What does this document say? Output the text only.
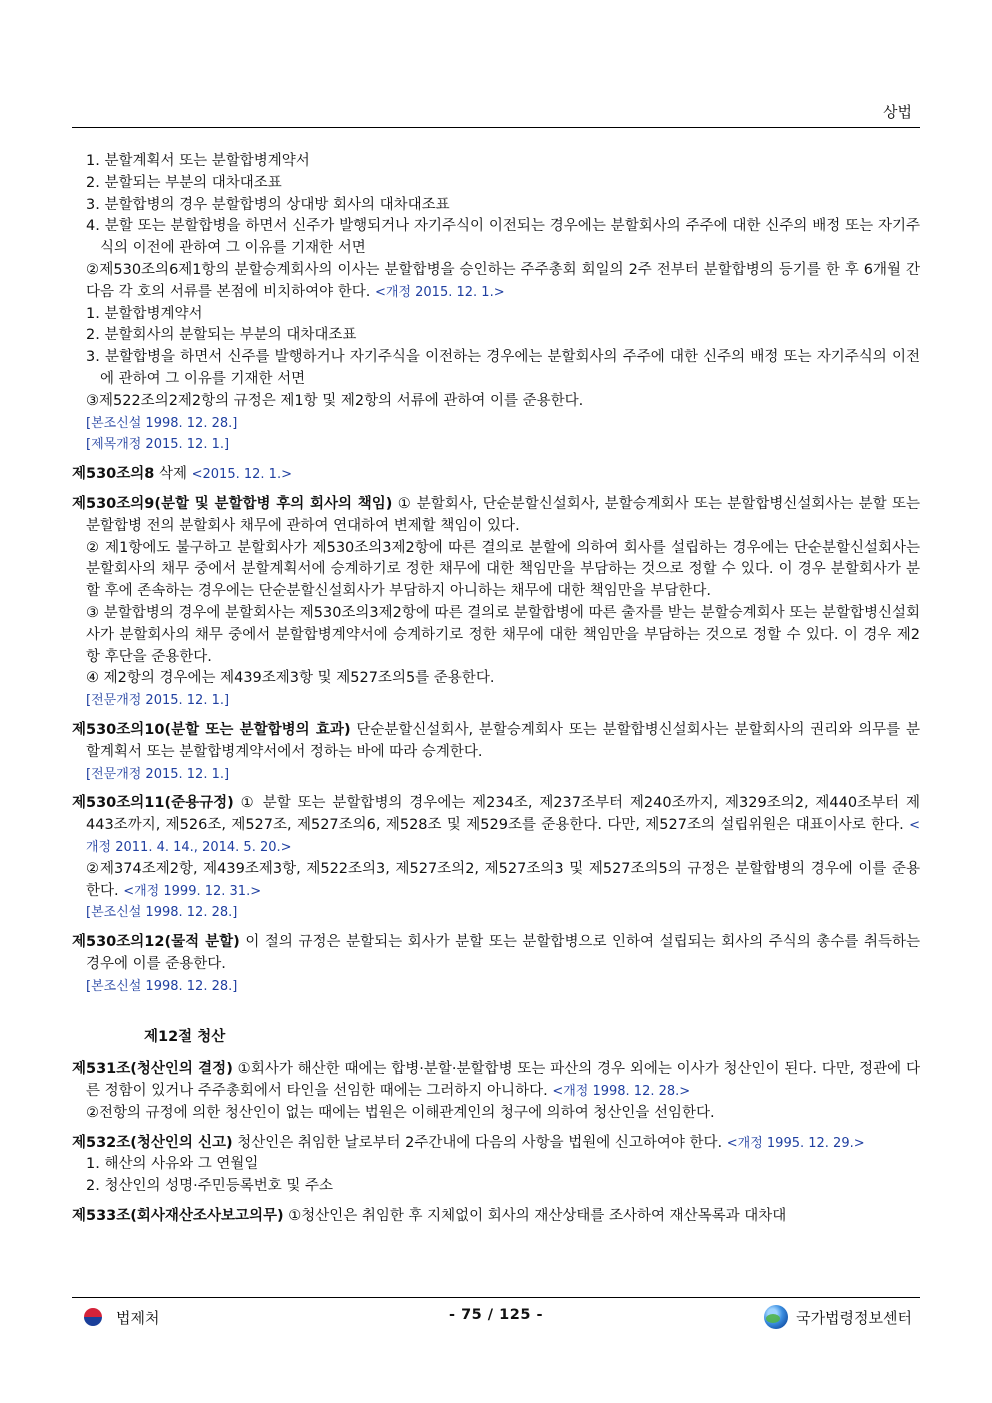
상법

1. 분할계획서 또는 분할합병계약서

2. 분할되는 부분의 대차대조표

3. 분할합병의 경우 분할합병의 상대방 회사의 대차대조표

4. 분할 또는 분할합병을 하면서 신주가 발행되거나 자기주식이 이전되는 경우에는 분할회사의 주주에 대한 신주의 배정 또는 자기주식의 이전에 관하여 그 이유를 기재한 서면

②제530조의6제1항의 분할승계회사의 이사는 분할합병을 승인하는 주주총회 회일의 2주 전부터 분할합병의 등기를 한 후 6개월 간 다음 각 호의 서류를 본점에 비치하여야 한다. <개정 2015. 12. 1.>

1. 분할합병계약서

2. 분할회사의 분할되는 부분의 대차대조표

3. 분할합병을 하면서 신주를 발행하거나 자기주식을 이전하는 경우에는 분할회사의 주주에 대한 신주의 배정 또는 자기주식의 이전에 관하여 그 이유를 기재한 서면

③제522조의2제2항의 규정은 제1항 및 제2항의 서류에 관하여 이를 준용한다.

[본조신설 1998. 12. 28.]

[제목개정 2015. 12. 1.]

제530조의8 삭제 <2015. 12. 1.>

제530조의9(분할 및 분할합병 후의 회사의 책임) ① 분할회사, 단순분할신설회사, 분할승계회사 또는 분할합병신설회사는 분할 또는 분할합병 전의 분할회사 채무에 관하여 연대하여 변제할 책임이 있다.

② 제1항에도 불구하고 분할회사가 제530조의3제2항에 따른 결의로 분할에 의하여 회사를 설립하는 경우에는 단순분할신설회사는 분할회사의 채무 중에서 분할계획서에 승계하기로 정한 채무에 대한 책임만을 부담하는 것으로 정할 수 있다. 이 경우 분할회사가 분할 후에 존속하는 경우에는 단순분할신설회사가 부담하지 아니하는 채무에 대한 책임만을 부담한다.

③ 분할합병의 경우에 분할회사는 제530조의3제2항에 따른 결의로 분할합병에 따른 출자를 받는 분할승계회사 또는 분할합병신설회사가 분할회사의 채무 중에서 분할합병계약서에 승계하기로 정한 채무에 대한 책임만을 부담하는 것으로 정할 수 있다. 이 경우 제2항 후단을 준용한다.

④ 제2항의 경우에는 제439조제3항 및 제527조의5를 준용한다.

[전문개정 2015. 12. 1.]

제530조의10(분할 또는 분할합병의 효과) 단순분할신설회사, 분할승계회사 또는 분할합병신설회사는 분할회사의 권리와 의무를 분할계획서 또는 분할합병계약서에서 정하는 바에 따라 승계한다.

[전문개정 2015. 12. 1.]

제530조의11(준용규정) ① 분할 또는 분할합병의 경우에는 제234조, 제237조부터 제240조까지, 제329조의2, 제440조부터 제443조까지, 제526조, 제527조, 제527조의6, 제528조 및 제529조를 준용한다. 다만, 제527조의 설립위원은 대표이사로 한다. <개정 2011. 4. 14., 2014. 5. 20.>

②제374조제2항, 제439조제3항, 제522조의3, 제527조의2, 제527조의3 및 제527조의5의 규정은 분할합병의 경우에 이를 준용한다. <개정 1999. 12. 31.>

[본조신설 1998. 12. 28.]

제530조의12(물적 분할) 이 절의 규정은 분할되는 회사가 분할 또는 분할합병으로 인하여 설립되는 회사의 주식의 총수를 취득하는 경우에 이를 준용한다.

[본조신설 1998. 12. 28.]

제12절 청산

제531조(청산인의 결정) ①회사가 해산한 때에는 합병·분할·분할합병 또는 파산의 경우 외에는 이사가 청산인이 된다. 다만, 정관에 다른 정함이 있거나 주주총회에서 타인을 선임한 때에는 그러하지 아니하다. <개정 1998. 12. 28.>

②전항의 규정에 의한 청산인이 없는 때에는 법원은 이해관계인의 청구에 의하여 청산인을 선임한다.

제532조(청산인의 신고) 청산인은 취임한 날로부터 2주간내에 다음의 사항을 법원에 신고하여야 한다. <개정 1995. 12. 29.>

1. 해산의 사유와 그 연월일

2. 청산인의 성명·주민등록번호 및 주소

제533조(회사재산조사보고의무) ①청산인은 취임한 후 지체없이 회사의 재산상태를 조사하여 재산목록과 대차대

법제처	- 75 / 125 -	국가법령정보센터
